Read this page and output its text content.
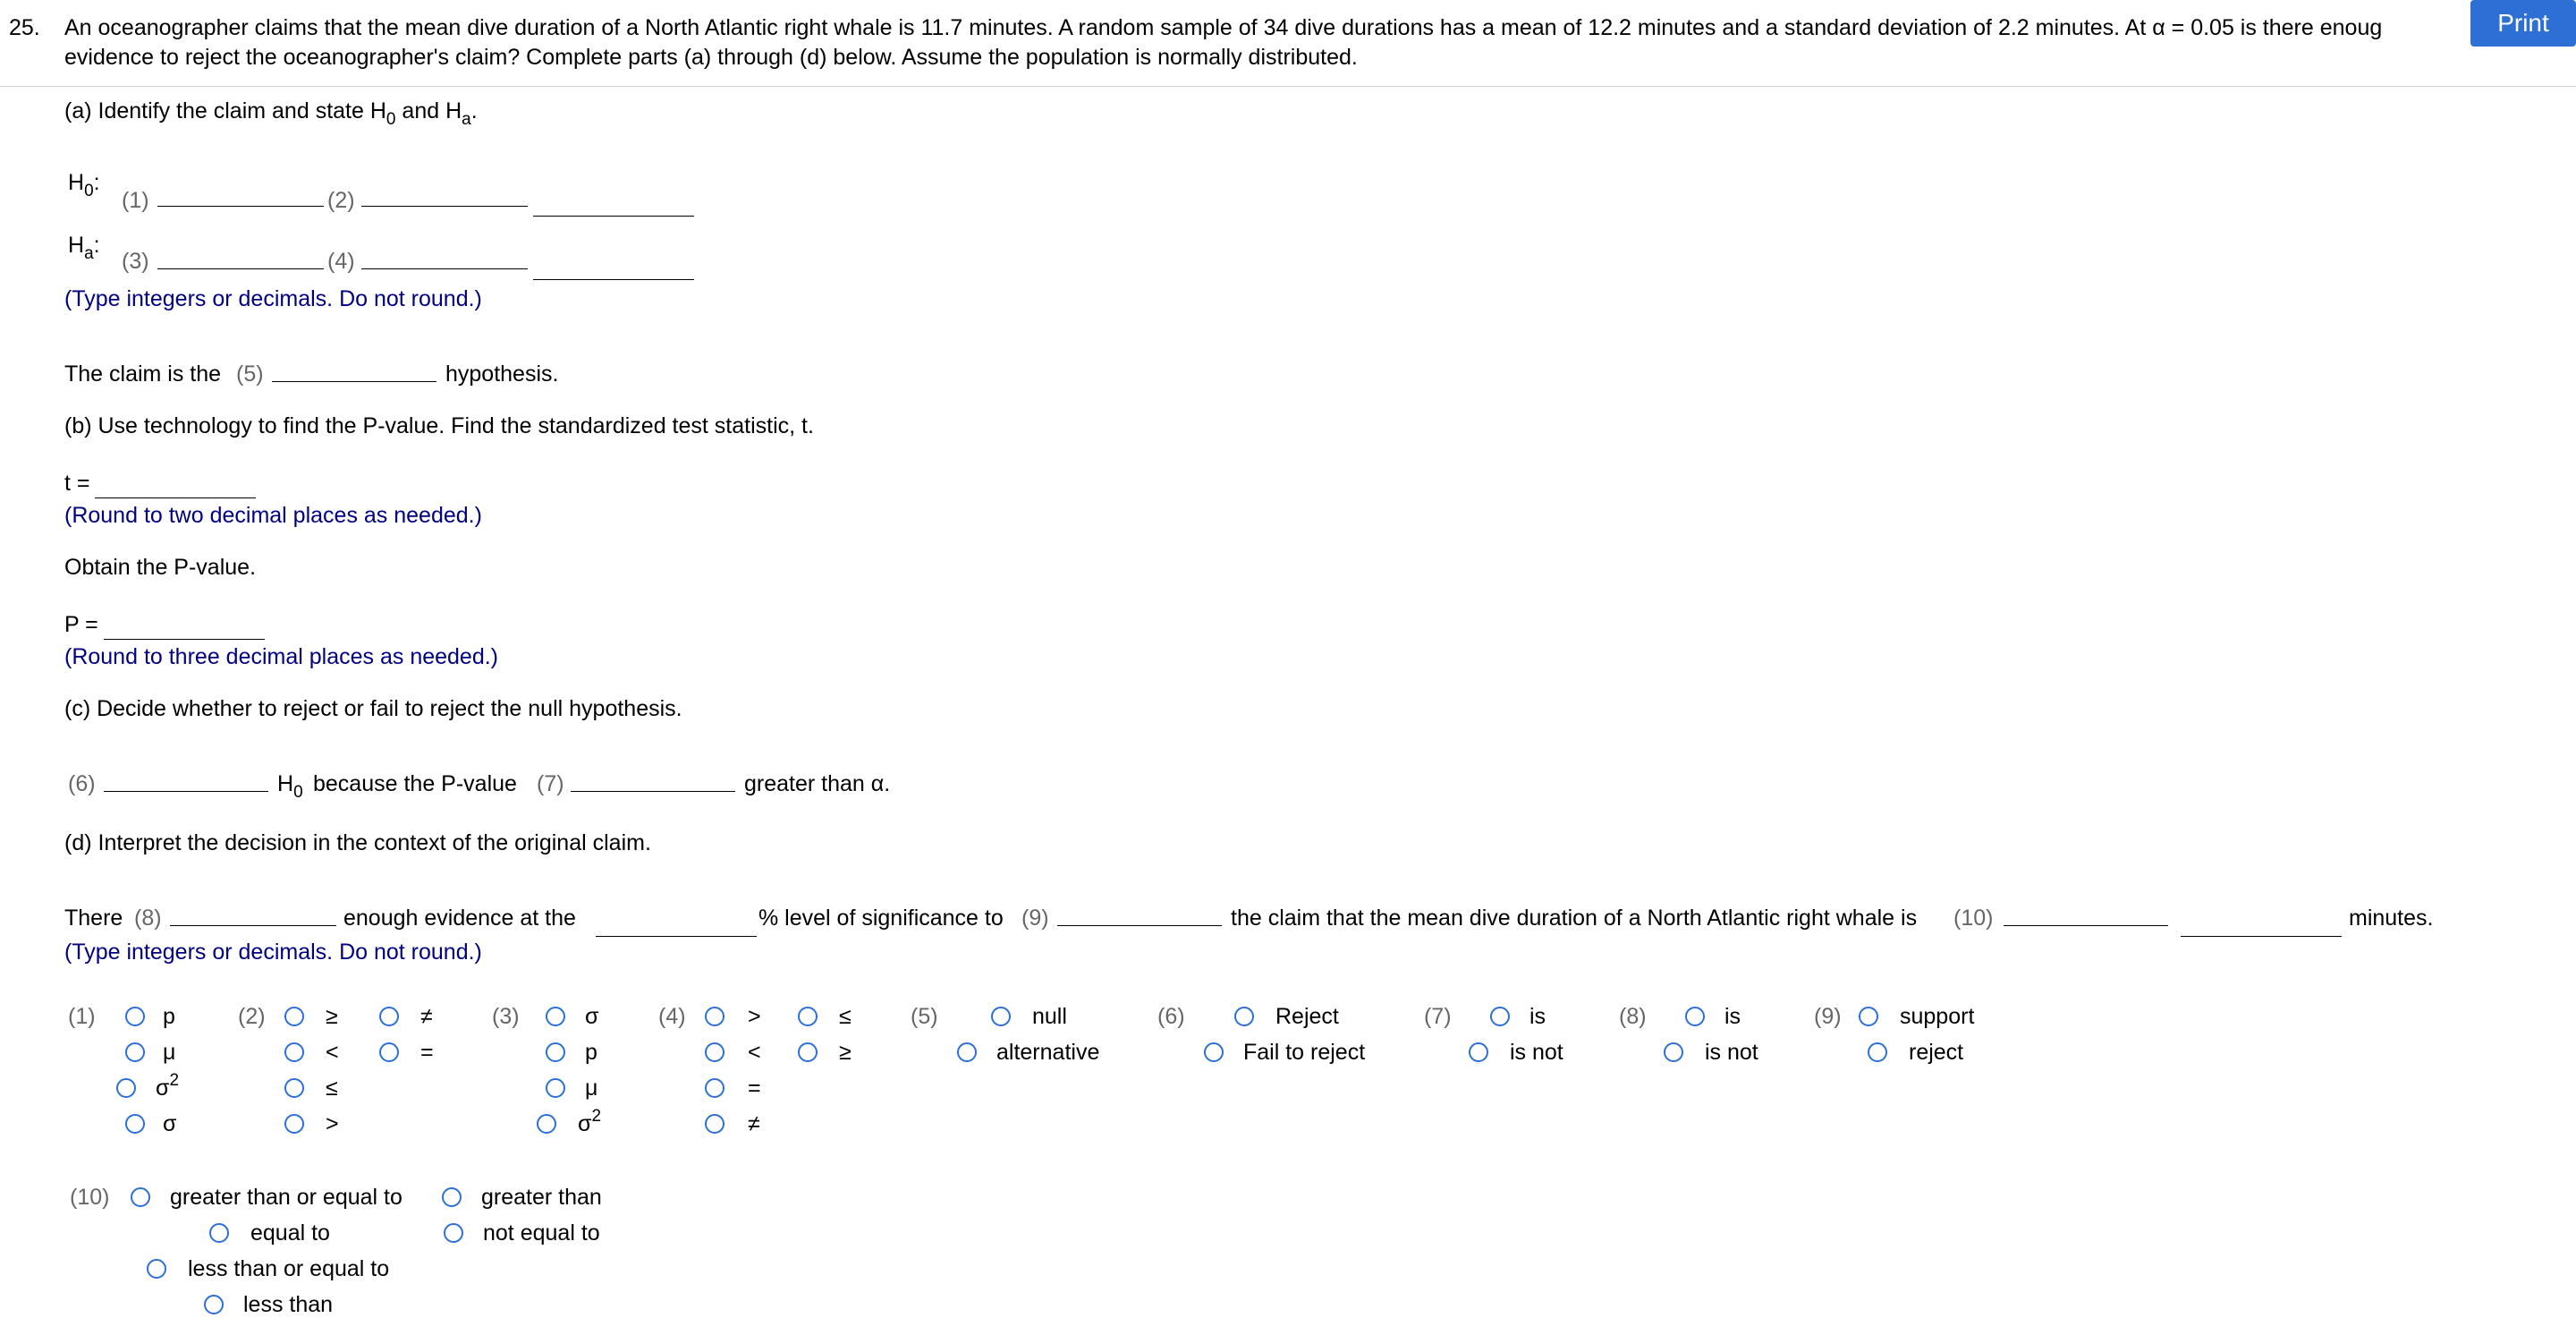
25. An oceanographer claims that the mean dive duration of a North Atlantic right whale is 11.7 minutes. A random sample of 34 dive durations has a mean of 12.2 minutes and a standard deviation of 2.2 minutes. At α = 0.05 is there enoug
evidence to reject the oceanographer's claim? Complete parts (a) through (d) below. Assume the population is normally distributed.
Print
(a) Identify the claim and state $H_0$ and $H_a$.
$H_0$:
(1)	(2)
$H_a$:
(3)	(4)
(Type integers or decimals. Do not round.)
The claim is the (5)	hypothesis.
(b) Use technology to find the P-value. Find the standardized test statistic, t.
t =
(Round to two decimal places as needed.)
Obtain the P-value.
P =
(Round to three decimal places as needed.)
(c) Decide whether to reject or fail to reject the null hypothesis.
(6)	$H_0$ because the P-value (7)	greater than α.
(d) Interpret the decision in the context of the original claim.
There (8)	enough evidence at the	% level of significance to (9)	the claim that the mean dive duration of a North Atlantic right whale is (10)	minutes.
(Type integers or decimals. Do not round.)
(1)	p
μ
$\sigma^2$
σ
(2)	≥
<
≤
>
≠
=
(3)	σ
p
μ
$\sigma^2$
(4)	>
<
=
≠
≤
≥
(5)	null
alternative
(6)	Reject
Fail to reject
(7)	is
is not
(8)	is
is not
(9)	support
reject
(10)	greater than or equal to
equal to
less than or equal to
less than
greater than
not equal to
